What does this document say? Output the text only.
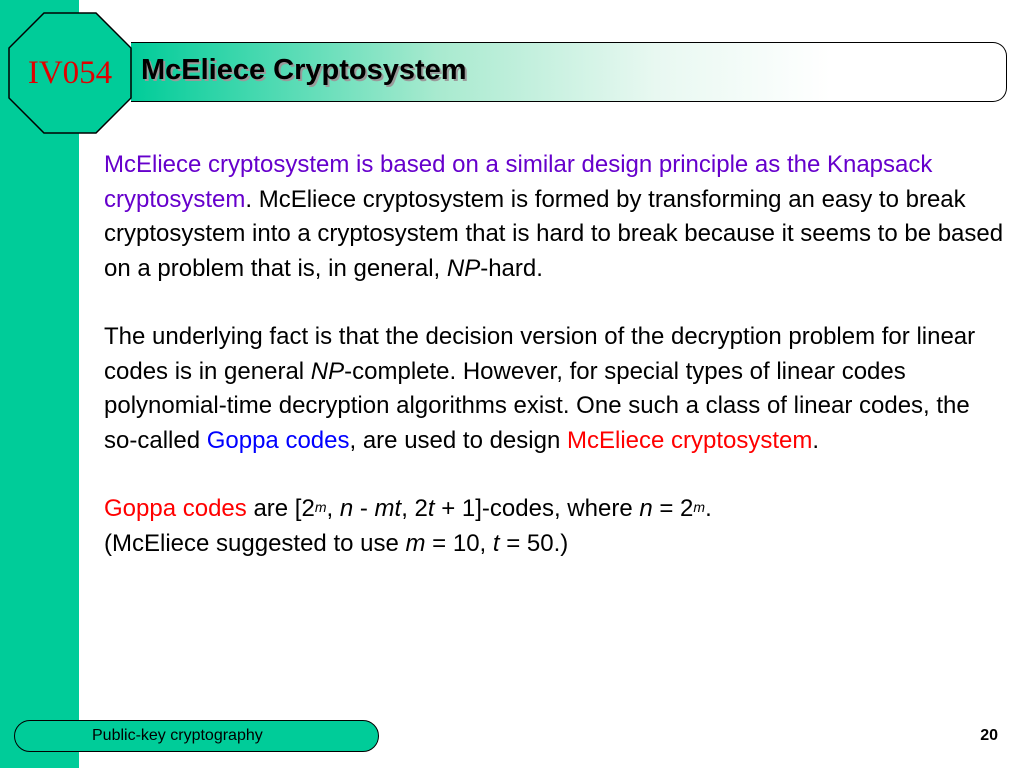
IV054 McEliece Cryptosystem

McEliece cryptosystem is based on a similar design principle as the Knapsack cryptosystem. McEliece cryptosystem is formed by transforming an easy to break cryptosystem into a cryptosystem that is hard to break because it seems to be based on a problem that is, in general, NP-hard.

The underlying fact is that the decision version of the decryption problem for linear codes is in general NP-complete. However, for special types of linear codes polynomial-time decryption algorithms exist. One such a class of linear codes, the so-called Goppa codes, are used to design McEliece cryptosystem.

Goppa codes are [2$^m$, n - mt, 2t + 1]-codes, where $n = 2^m$.

(McEliece suggested to use m = 10, t = 50.)

Public-key cryptography	20
